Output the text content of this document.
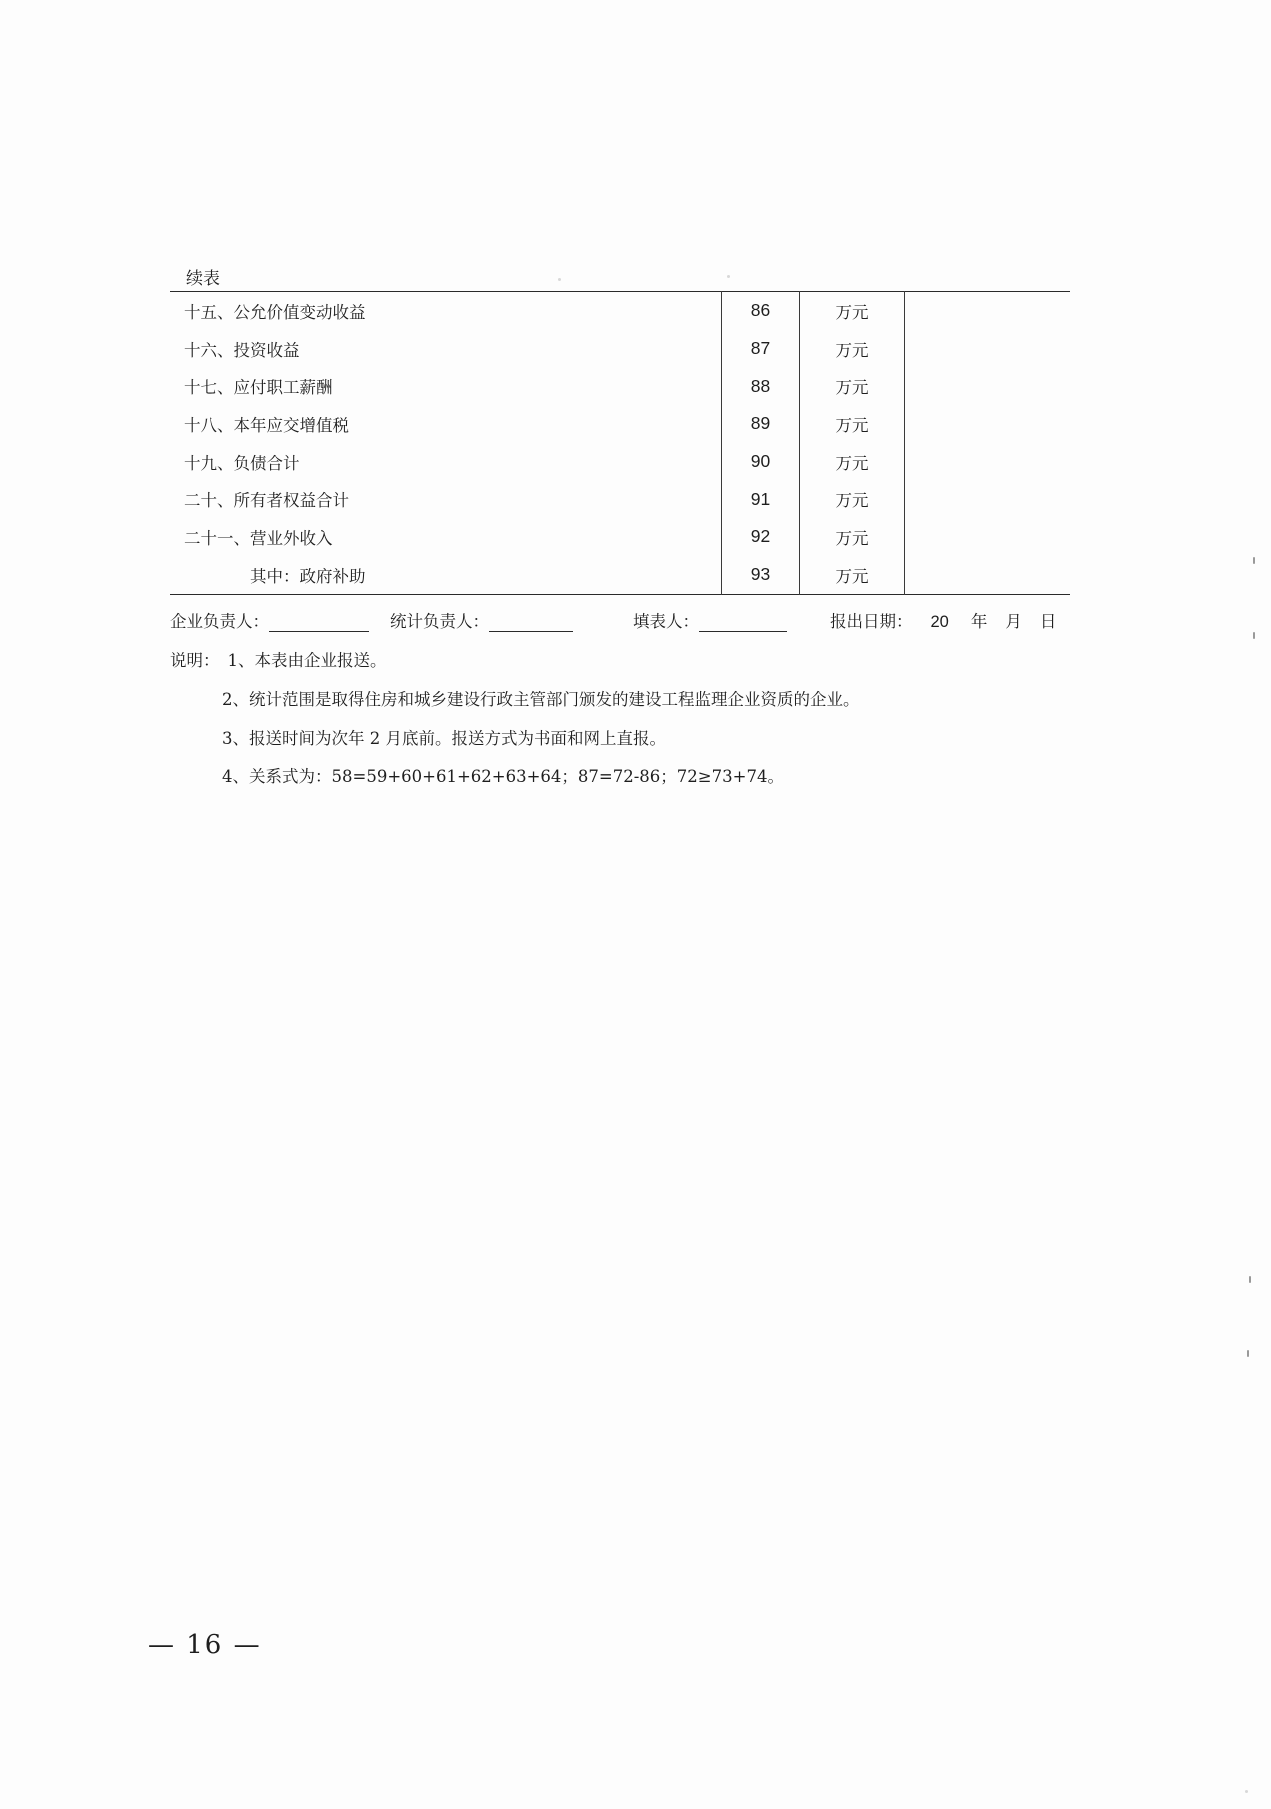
续表
十五、公允价值变动收益	86	万元	
十六、投资收益	87	万元	
十七、应付职工薪酬	88	万元	
十八、本年应交增值税	89	万元	
十九、负债合计	90	万元	
二十、所有者权益合计	91	万元	
二十一、营业外收入	92	万元	
其中：政府补助	93	万元	
企业负责人：	统计负责人：	填表人：	报出日期： 20 年 月 日
说明： 1、本表由企业报送。
2、统计范围是取得住房和城乡建设行政主管部门颁发的建设工程监理企业资质的企业。
3、报送时间为次年 2 月底前。报送方式为书面和网上直报。
4、关系式为：58=59+60+61+62+63+64；87=72-86；72≥73+74。
— 16 —
